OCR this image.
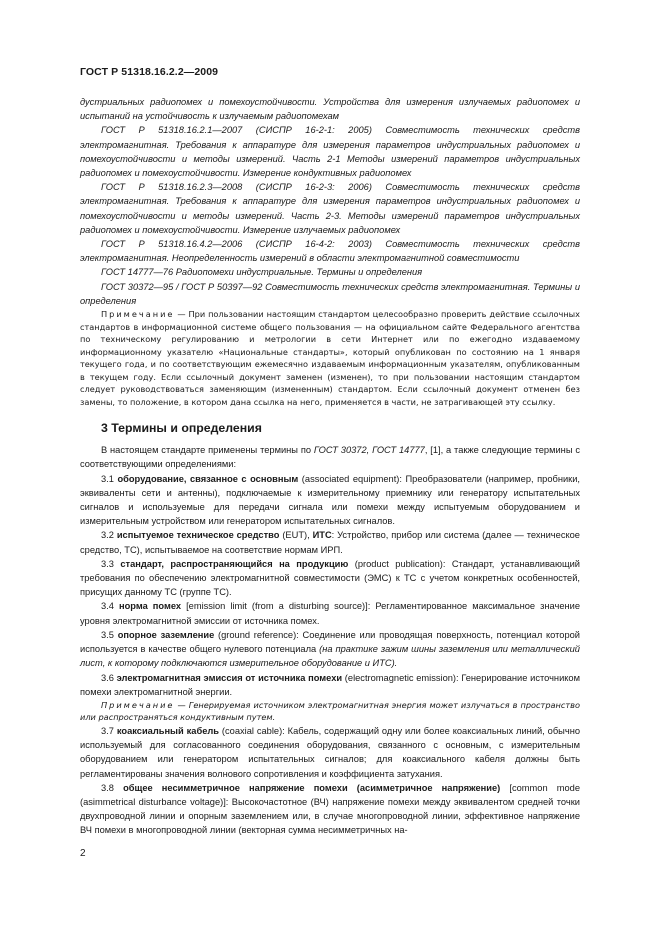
ГОСТ Р 51318.16.2.2—2009

дустриальных радиопомех и помехоустойчивости. Устройства для измерения излучаемых радиопомех и испытаний на устойчивость к излучаемым радиопомехам

ГОСТ Р 51318.16.2.1—2007 (СИСПР 16-2-1: 2005) Совместимость технических средств электромагнитная. Требования к аппаратуре для измерения параметров индустриальных радиопомех и помехоустойчивости и методы измерений. Часть 2-1 Методы измерений параметров индустриальных радиопомех и помехоустойчивости. Измерение кондуктивных радиопомех

ГОСТ Р 51318.16.2.3—2008 (СИСПР 16-2-3: 2006) Совместимость технических средств электромагнитная. Требования к аппаратуре для измерения параметров индустриальных радиопомех и помехоустойчивости и методы измерений. Часть 2-3. Методы измерений параметров индустриальных радиопомех и помехоустойчивости. Измерение излучаемых радиопомех

ГОСТ Р 51318.16.4.2—2006 (СИСПР 16-4-2: 2003) Совместимость технических средств электромагнитная. Неопределенность измерений в области электромагнитной совместимости

ГОСТ 14777—76 Радиопомехи индустриальные. Термины и определения

ГОСТ 30372—95 / ГОСТ Р 50397—92 Совместимость технических средств электромагнитная. Термины и определения

Примечание — При пользовании настоящим стандартом целесообразно проверить действие ссылочных стандартов в информационной системе общего пользования — на официальном сайте Федерального агентства по техническому регулированию и метрологии в сети Интернет или по ежегодно издаваемому информационному указателю «Национальные стандарты», который опубликован по состоянию на 1 января текущего года, и по соответствующим ежемесячно издаваемым информационным указателям, опубликованным в текущем году. Если ссылочный документ заменен (изменен), то при пользовании настоящим стандартом следует руководствоваться заменяющим (измененным) стандартом. Если ссылочный документ отменен без замены, то положение, в котором дана ссылка на него, применяется в части, не затрагивающей эту ссылку.

3 Термины и определения

В настоящем стандарте применены термины по ГОСТ 30372, ГОСТ 14777, [1], а также следующие термины с соответствующими определениями:

3.1 оборудование, связанное с основным (associated equipment): Преобразователи (например, пробники, эквиваленты сети и антенны), подключаемые к измерительному приемнику или генератору испытательных сигналов и используемые для передачи сигнала или помехи между испытуемым оборудованием и измерительным устройством или генератором испытательных сигналов.

3.2 испытуемое техническое средство (EUT), ИТС: Устройство, прибор или система (далее — техническое средство, ТС), испытываемое на соответствие нормам ИРП.

3.3 стандарт, распространяющийся на продукцию (product publication): Стандарт, устанавливающий требования по обеспечению электромагнитной совместимости (ЭМС) к ТС с учетом конкретных особенностей, присущих данному ТС (группе ТС).

3.4 норма помех [emission limit (from a disturbing source)]: Регламентированное максимальное значение уровня электромагнитной эмиссии от источника помех.

3.5 опорное заземление (ground reference): Соединение или проводящая поверхность, потенциал которой используется в качестве общего нулевого потенциала (на практике зажим шины заземления или металлический лист, к которому подключаются измерительное оборудование и ИТС).

3.6 электромагнитная эмиссия от источника помехи (electromagnetic emission): Генерирование источником помехи электромагнитной энергии.

Примечание — Генерируемая источником электромагнитная энергия может излучаться в пространство или распространяться кондуктивным путем.

3.7 коаксиальный кабель (coaxial cable): Кабель, содержащий одну или более коаксиальных линий, обычно используемый для согласованного соединения оборудования, связанного с основным, с измерительным оборудованием или генератором испытательных сигналов; для коаксиального кабеля должны быть регламентированы значения волнового сопротивления и коэффициента затухания.

3.8 общее несимметричное напряжение помехи (асимметричное напряжение) [common mode (asimmetrical disturbance voltage)]: Высокочастотное (ВЧ) напряжение помехи между эквивалентом средней точки двухпроводной линии и опорным заземлением или, в случае многопроводной линии, эффективное напряжение ВЧ помехи в многопроводной линии (векторная сумма несимметричных на-

2
